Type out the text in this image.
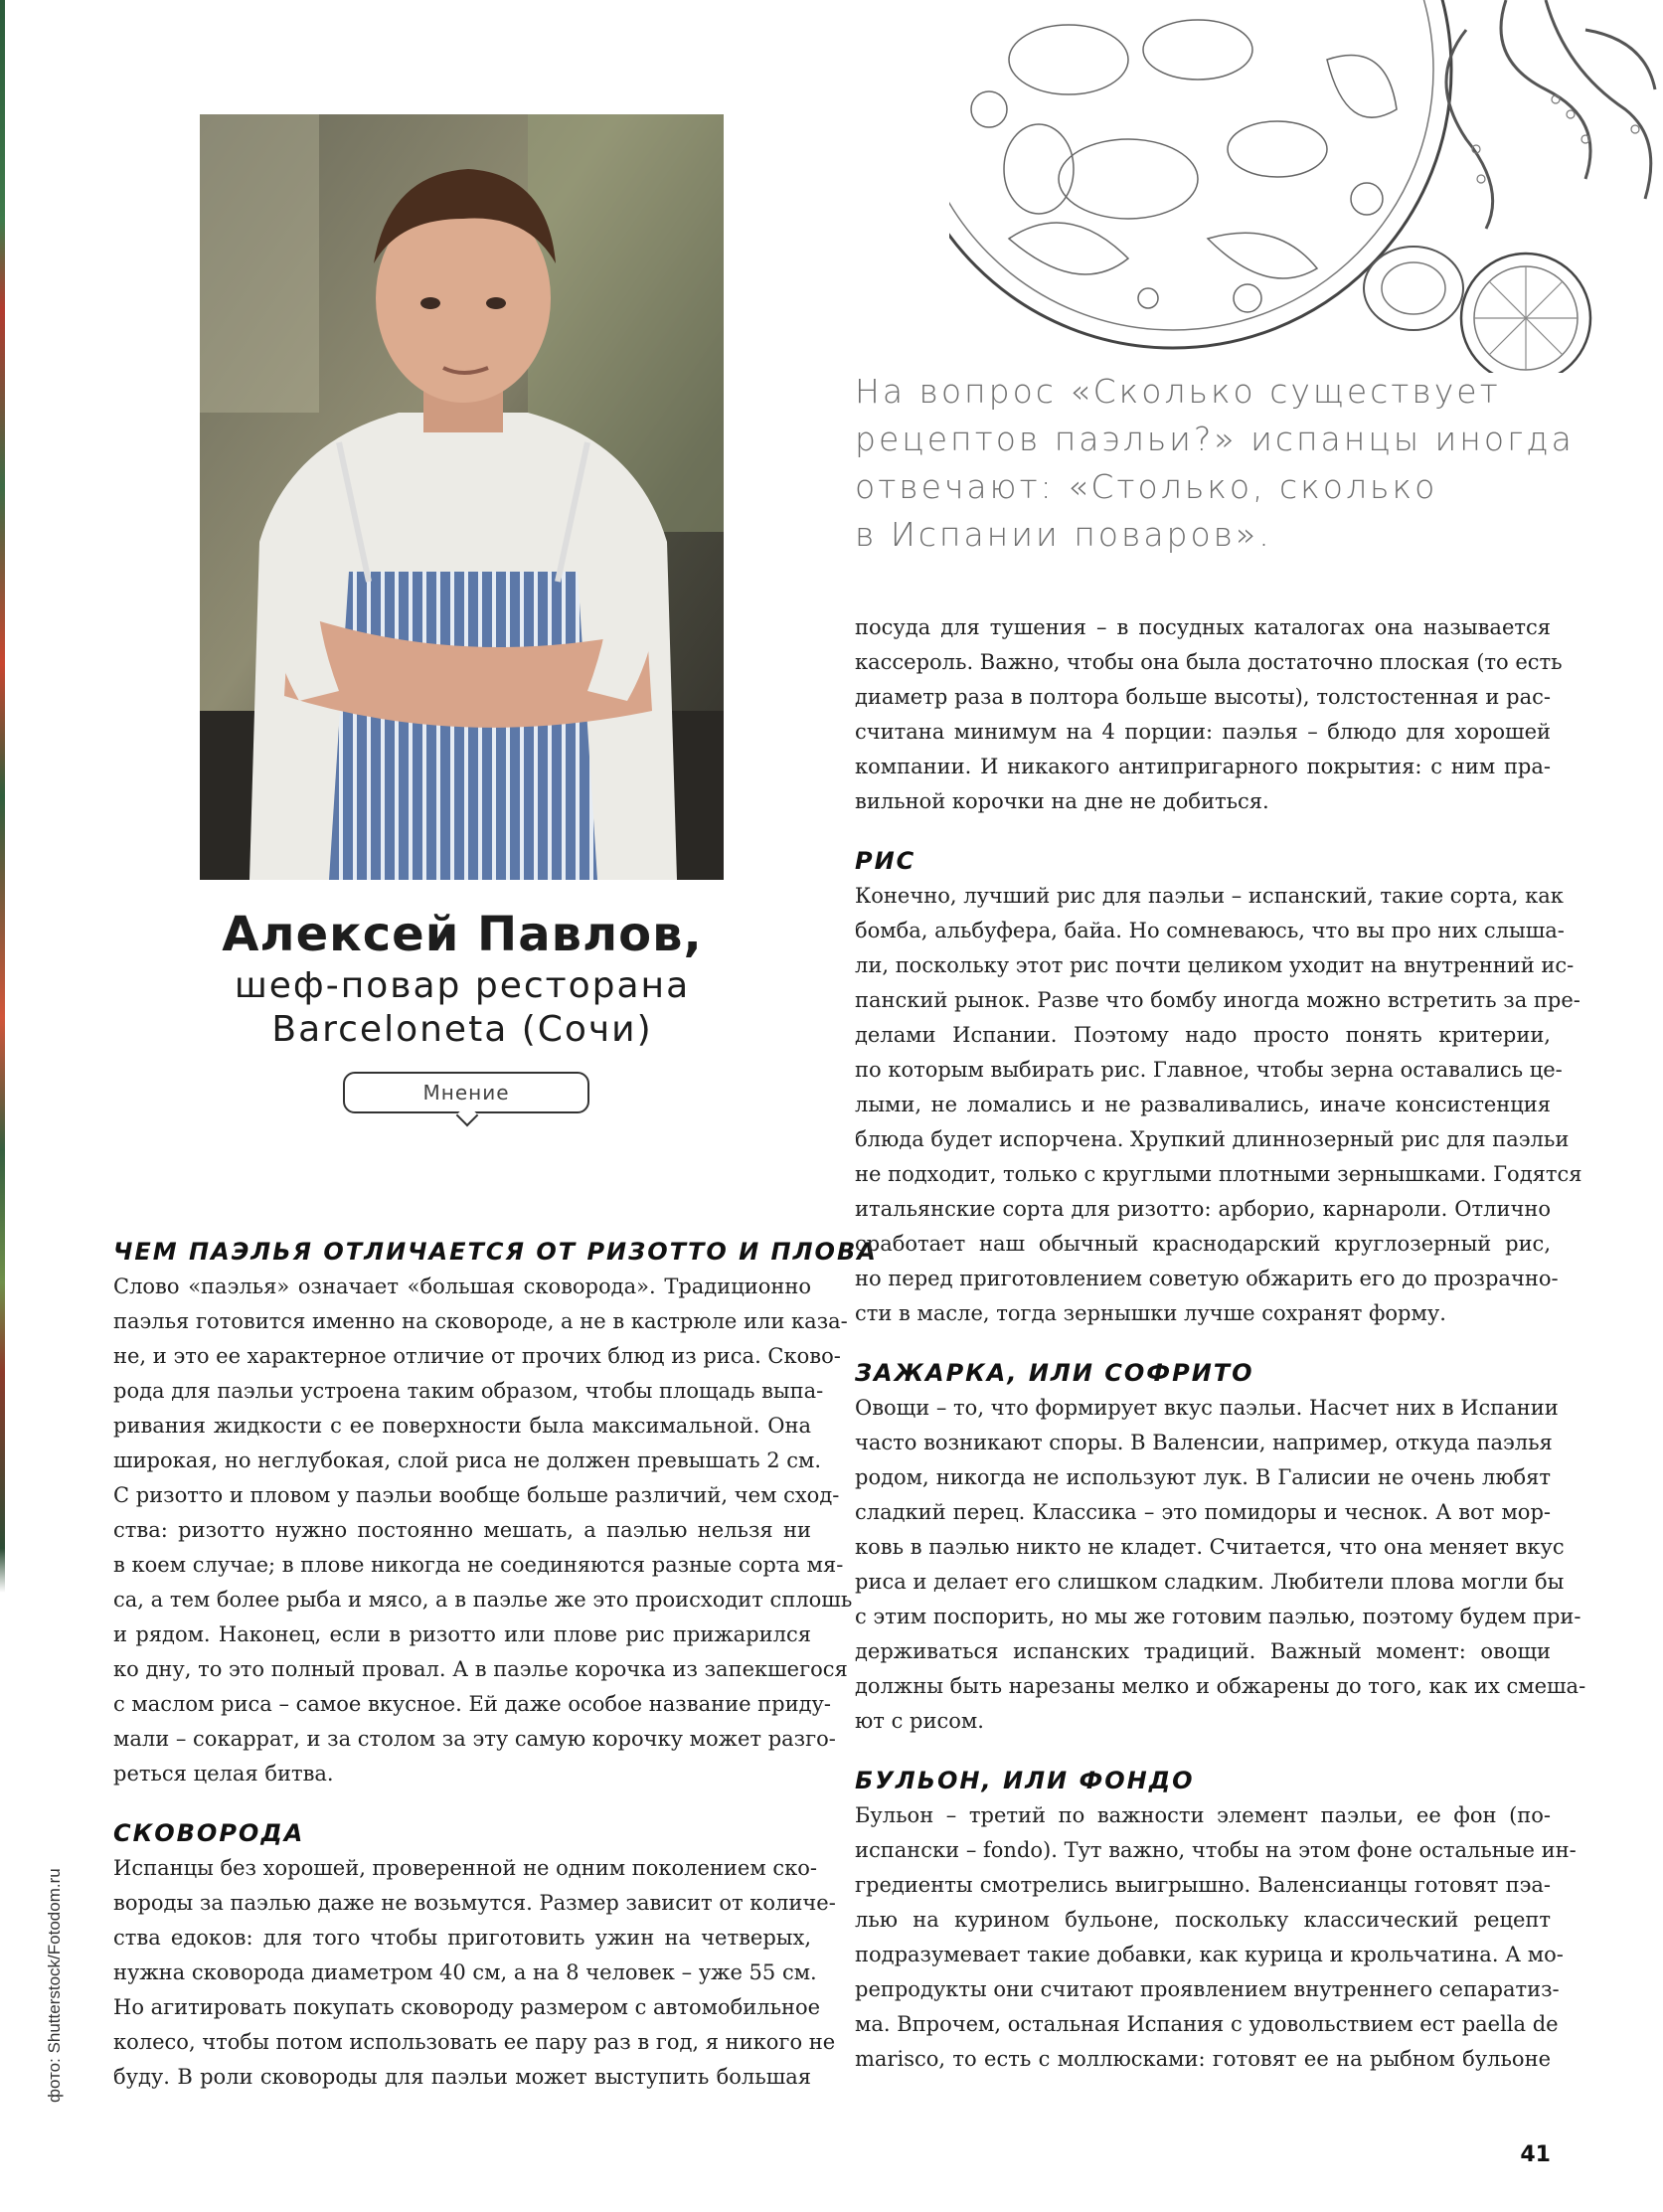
Алексей Павлов,
шеф-повар ресторана
Barceloneta (Сочи)
Мнение
На вопрос «Сколько существует
рецептов паэльи?» испанцы иногда
отвечают: «Столько, сколько
в Испании поваров».
ЧЕМ ПАЭЛЬЯ ОТЛИЧАЕТСЯ ОТ РИЗОТТО И ПЛОВА
Слово «паэлья» означает «большая сковорода». Традиционно
паэлья готовится именно на сковороде, а не в кастрюле или каза-
не, и это ее характерное отличие от прочих блюд из риса. Сково-
рода для паэльи устроена таким образом, чтобы площадь выпа-
ривания жидкости с ее поверхности была максимальной. Она
широкая, но неглубокая, слой риса не должен превышать 2 см.
С ризотто и пловом у паэльи вообще больше различий, чем сход-
ства: ризотто нужно постоянно мешать, а паэлью нельзя ни
в коем случае; в плове никогда не соединяются разные сорта мя-
са, а тем более рыба и мясо, а в паэлье же это происходит сплошь
и рядом. Наконец, если в ризотто или плове рис прижарился
ко дну, то это полный провал. А в паэлье корочка из запекшегося
с маслом риса – самое вкусное. Ей даже особое название приду-
мали – сокаррат, и за столом за эту самую корочку может разго-
реться целая битва.
СКОВОРОДА
Испанцы без хорошей, проверенной не одним поколением ско-
вороды за паэлью даже не возьмутся. Размер зависит от количе-
ства едоков: для того чтобы приготовить ужин на четверых,
нужна сковорода диаметром 40 см, а на 8 человек – уже 55 см.
Но агитировать покупать сковороду размером с автомобильное
колесо, чтобы потом использовать ее пару раз в год, я никого не
буду. В роли сковороды для паэльи может выступить большая
посуда для тушения – в посудных каталогах она называется
кассероль. Важно, чтобы она была достаточно плоская (то есть
диаметр раза в полтора больше высоты), толстостенная и рас-
считана минимум на 4 порции: паэлья – блюдо для хорошей
компании. И никакого антипригарного покрытия: с ним пра-
вильной корочки на дне не добиться.
РИС
Конечно, лучший рис для паэльи – испанский, такие сорта, как
бомба, альбуфера, байа. Но сомневаюсь, что вы про них слыша-
ли, поскольку этот рис почти целиком уходит на внутренний ис-
панский рынок. Разве что бомбу иногда можно встретить за пре-
делами Испании. Поэтому надо просто понять критерии,
по которым выбирать рис. Главное, чтобы зерна оставались це-
лыми, не ломались и не разваливались, иначе консистенция
блюда будет испорчена. Хрупкий длиннозерный рис для паэльи
не подходит, только с круглыми плотными зернышками. Годятся
итальянские сорта для ризотто: арборио, карнароли. Отлично
сработает наш обычный краснодарский круглозерный рис,
но перед приготовлением советую обжарить его до прозрачно-
сти в масле, тогда зернышки лучше сохранят форму.
ЗАЖАРКА, ИЛИ СОФРИТО
Овощи – то, что формирует вкус паэльи. Насчет них в Испании
часто возникают споры. В Валенсии, например, откуда паэлья
родом, никогда не используют лук. В Галисии не очень любят
сладкий перец. Классика – это помидоры и чеснок. А вот мор-
ковь в паэлью никто не кладет. Считается, что она меняет вкус
риса и делает его слишком сладким. Любители плова могли бы
с этим поспорить, но мы же готовим паэлью, поэтому будем при-
держиваться испанских традиций. Важный момент: овощи
должны быть нарезаны мелко и обжарены до того, как их смеша-
ют с рисом.
БУЛЬОН, ИЛИ ФОНДО
Бульон – третий по важности элемент паэльи, ее фон (по-
испански – fondo). Тут важно, чтобы на этом фоне остальные ин-
гредиенты смотрелись выигрышно. Валенсианцы готовят пэа-
лью на курином бульоне, поскольку классический рецепт
подразумевает такие добавки, как курица и крольчатина. А мо-
репродукты они считают проявлением внутреннего сепаратиз-
ма. Впрочем, остальная Испания с удовольствием ест paella de
marisco, то есть с моллюсками: готовят ее на рыбном бульоне
фото: Shutterstock/Fotodom.ru
41
